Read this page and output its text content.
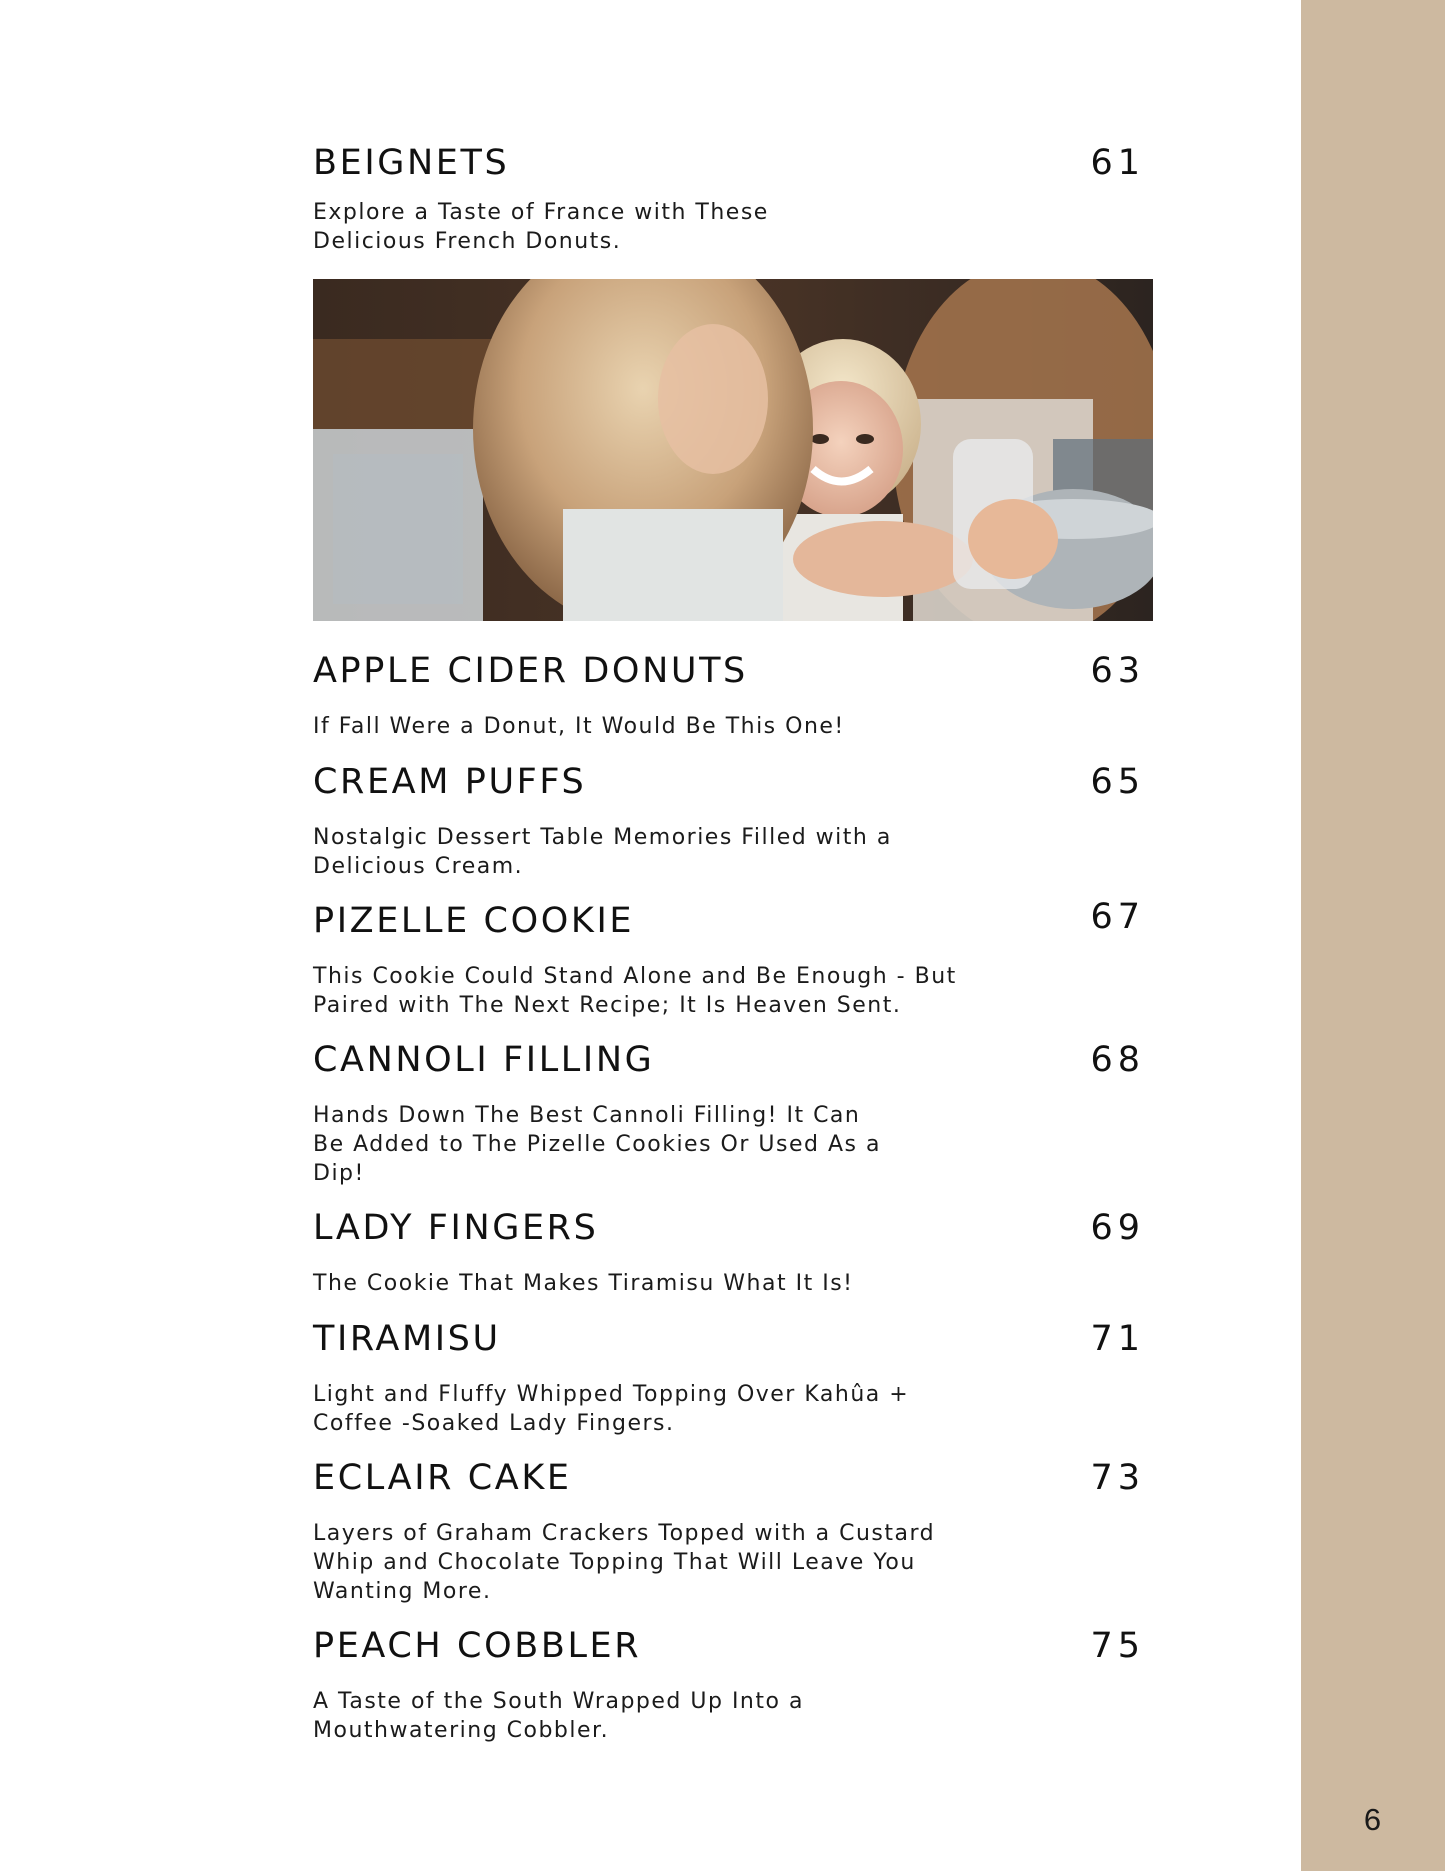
6
BEIGNETS	61
Explore a Taste of France with These
Delicious French Donuts.
APPLE CIDER DONUTS	63
If Fall Were a Donut, It Would Be This One!
CREAM PUFFS	65
Nostalgic Dessert Table Memories Filled with a
Delicious Cream.
PIZELLE COOKIE	67
This Cookie Could Stand Alone and Be Enough - But
Paired with The Next Recipe; It Is Heaven Sent.
CANNOLI FILLING	68
Hands Down The Best Cannoli Filling! It Can
Be Added to The Pizelle Cookies Or Used As a
Dip!
LADY FINGERS	69
The Cookie That Makes Tiramisu What It Is!
TIRAMISU	71
Light and Fluffy Whipped Topping Over Kahûa +
Coffee -Soaked Lady Fingers.
ECLAIR CAKE	73
Layers of Graham Crackers Topped with a Custard
Whip and Chocolate Topping That Will Leave You
Wanting More.
PEACH COBBLER	75
A Taste of the South Wrapped Up Into a
Mouthwatering Cobbler.
